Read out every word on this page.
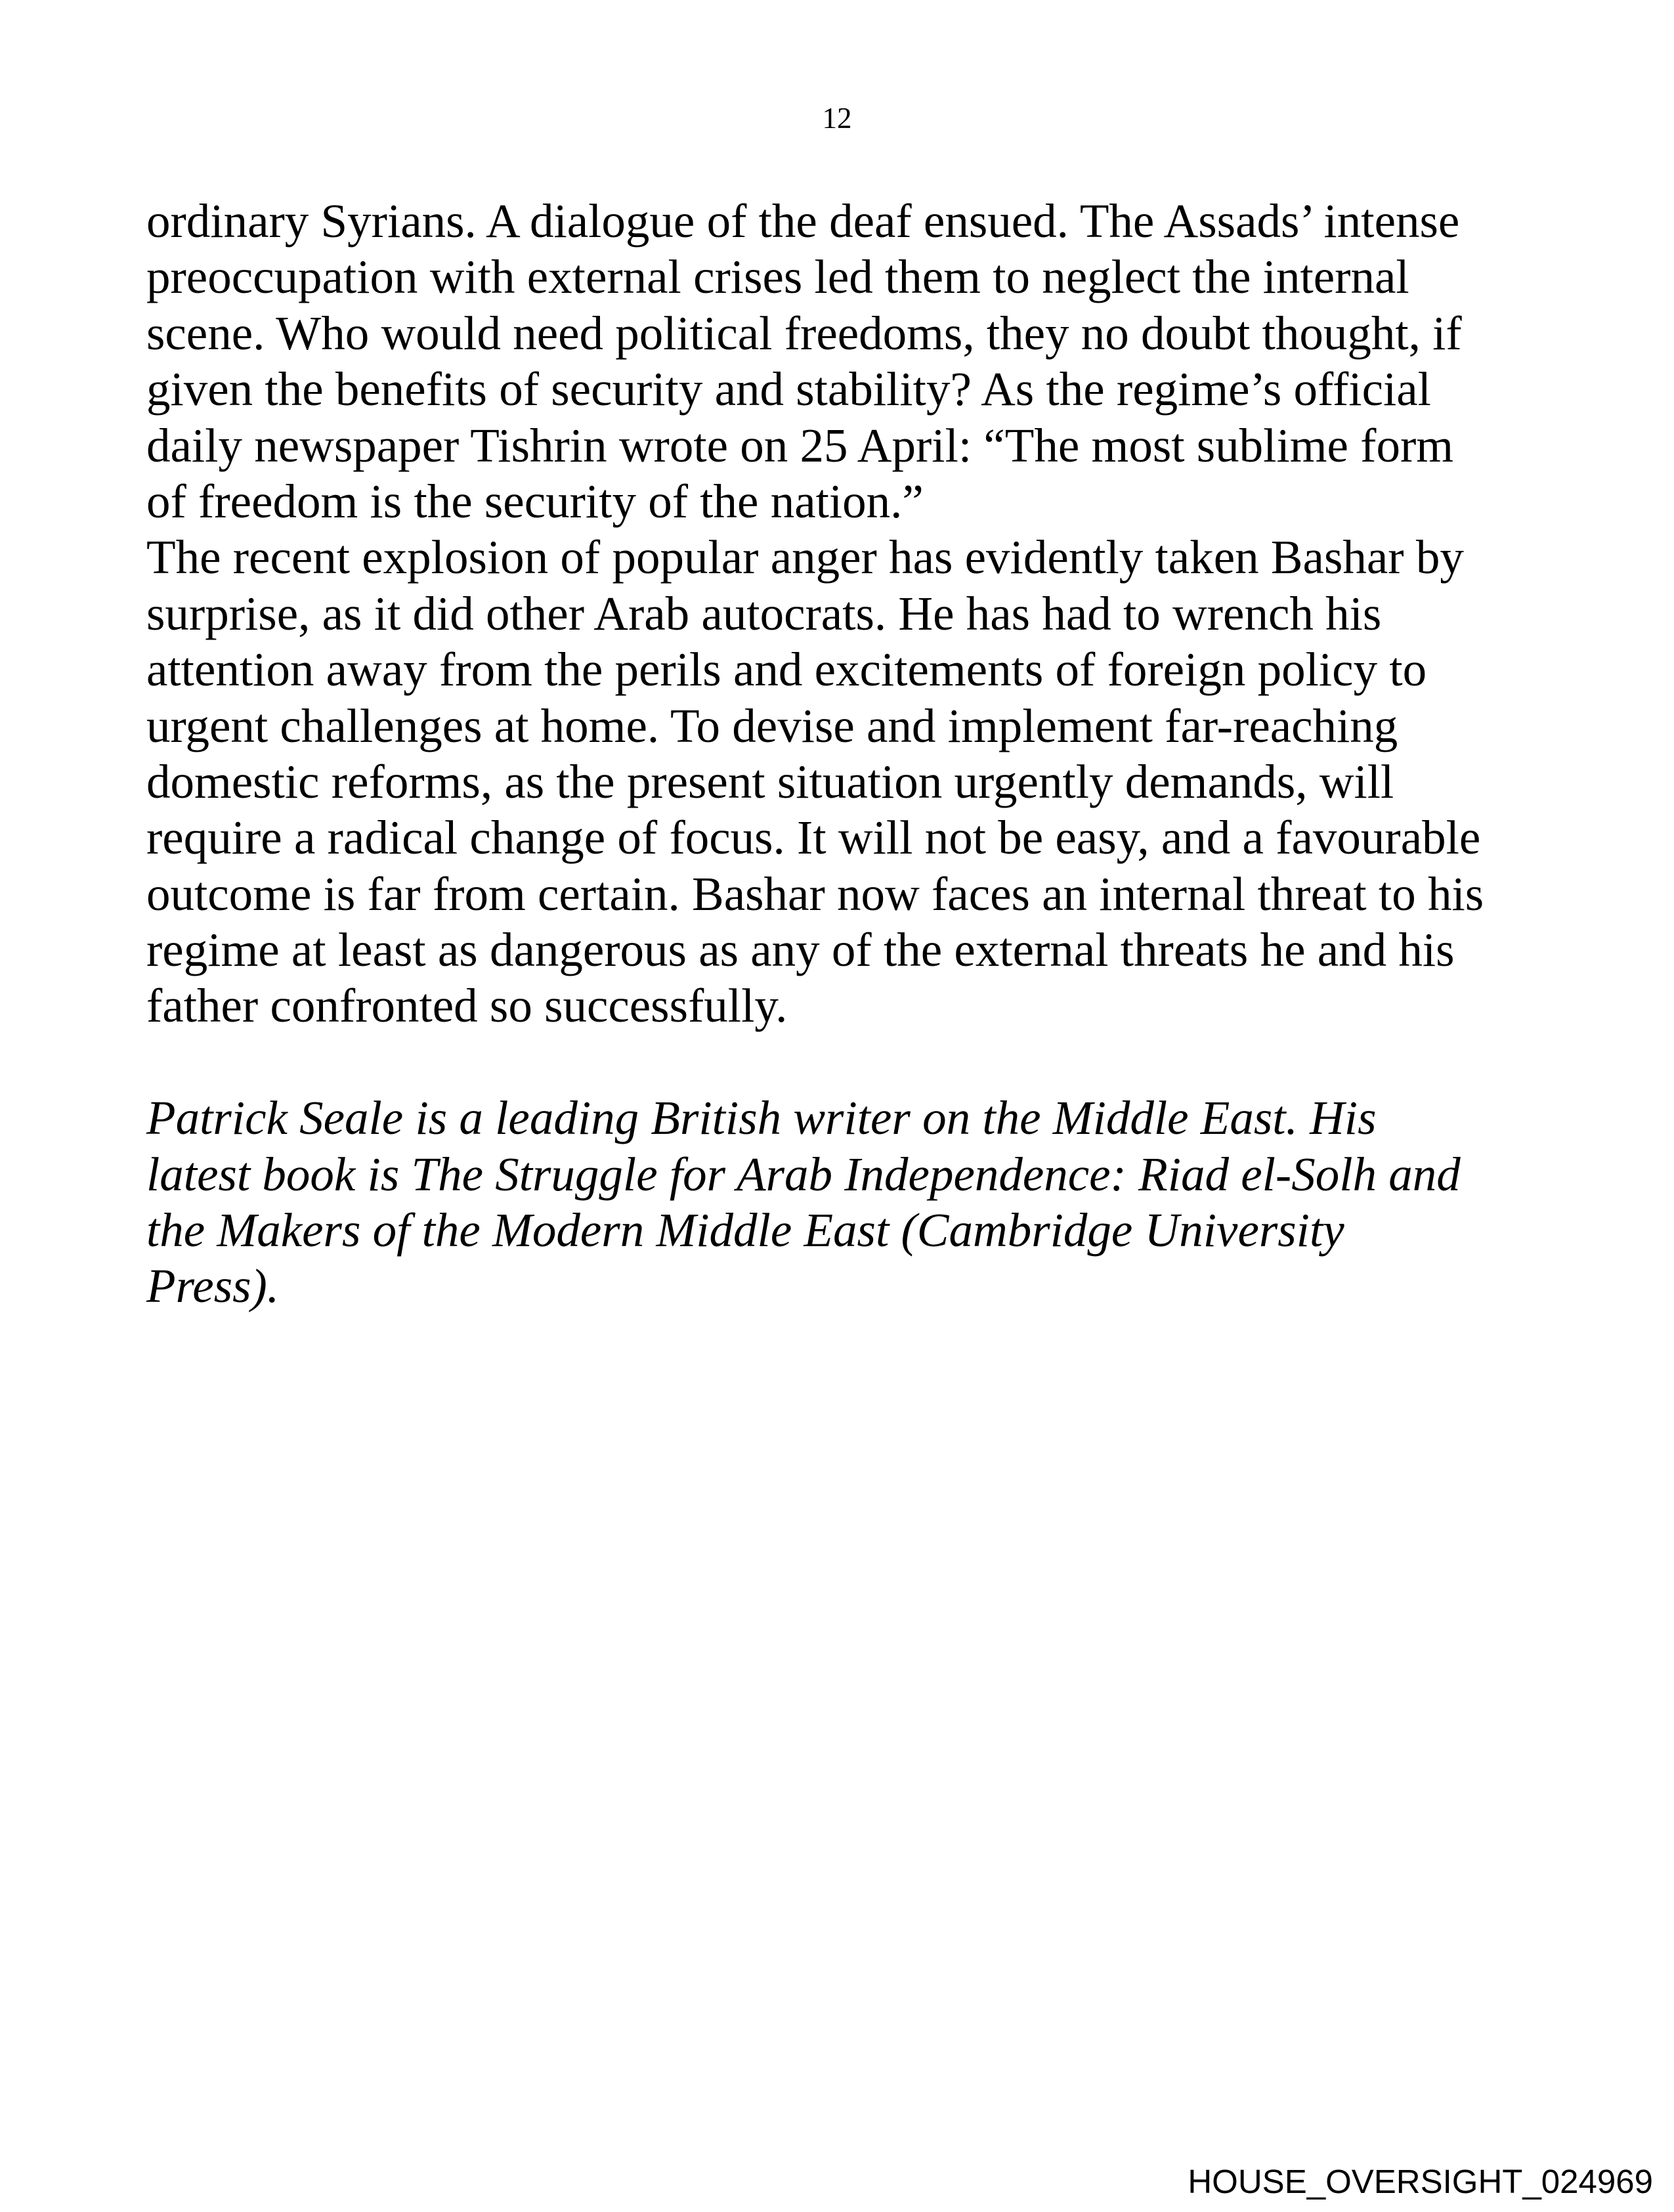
12
ordinary Syrians. A dialogue of the deaf ensued. The Assads’ intense
preoccupation with external crises led them to neglect the internal
scene. Who would need political freedoms, they no doubt thought, if
given the benefits of security and stability? As the regime’s official
daily newspaper Tishrin wrote on 25 April: “The most sublime form
of freedom is the security of the nation.”
The recent explosion of popular anger has evidently taken Bashar by
surprise, as it did other Arab autocrats. He has had to wrench his
attention away from the perils and excitements of foreign policy to
urgent challenges at home. To devise and implement far-reaching
domestic reforms, as the present situation urgently demands, will
require a radical change of focus. It will not be easy, and a favourable
outcome is far from certain. Bashar now faces an internal threat to his
regime at least as dangerous as any of the external threats he and his
father confronted so successfully.
Patrick Seale is a leading British writer on the Middle East. His
latest book is The Struggle for Arab Independence: Riad el-Solh and
the Makers of the Modern Middle East (Cambridge University
Press).
HOUSE_OVERSIGHT_024969
